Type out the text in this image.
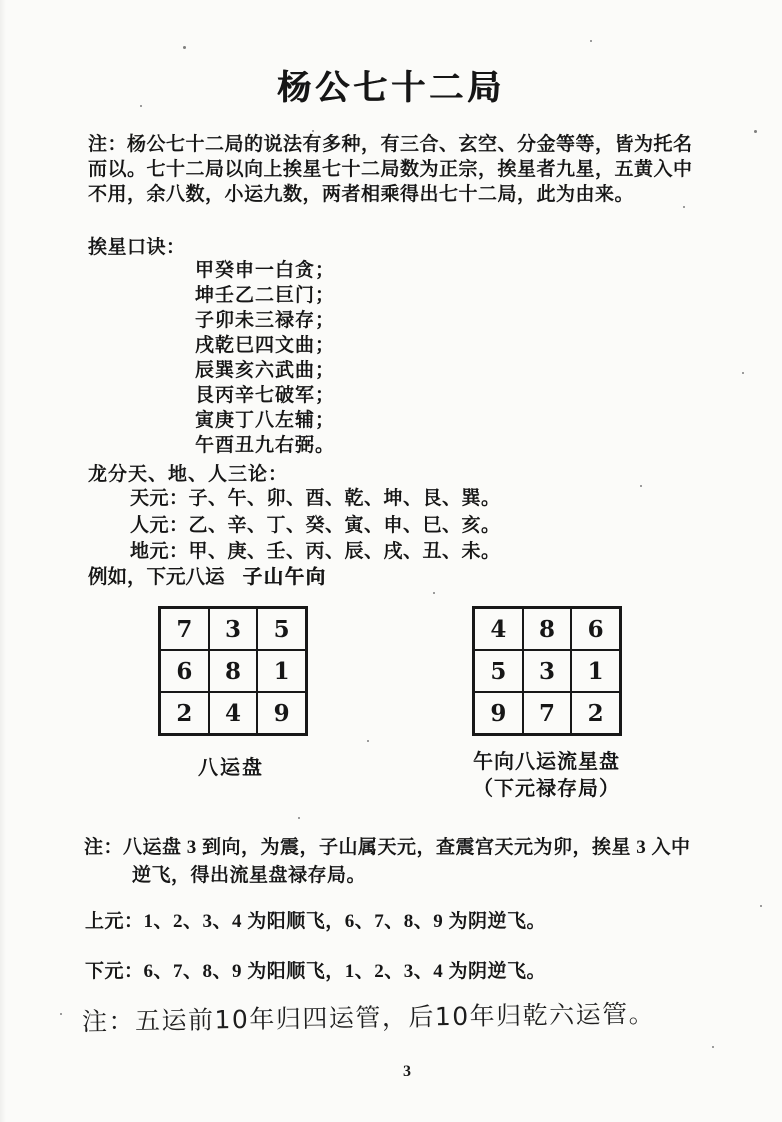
杨公七十二局
注：杨公七十二局的说法有多种，有三合、玄空、分金等等，皆为托名
而以。七十二局以向上挨星七十二局数为正宗，挨星者九星，五黄入中
不用，余八数，小运九数，两者相乘得出七十二局，此为由来。
挨星口诀：
甲癸申一白贪；
坤壬乙二巨门；
子卯未三禄存；
戌乾巳四文曲；
辰巽亥六武曲；
艮丙辛七破军；
寅庚丁八左辅；
午酉丑九右弼。
龙分天、地、人三论：
天元：子、午、卯、酉、乾、坤、艮、巽。
人元：乙、辛、丁、癸、寅、申、巳、亥。
地元：甲、庚、壬、丙、辰、戌、丑、未。
例如，下元八运 子山午向
7	3	5
6	8	1
2	4	9
4	8	6
5	3	1
9	7	2
八运盘	午向八运流星盘
（下元禄存局）
注：八运盘 3 到向，为震，子山属天元，查震宫天元为卯，挨星 3 入中
逆飞，得出流星盘禄存局。
上元：1、2、3、4 为阳顺飞，6、7、8、9 为阴逆飞。
下元：6、7、8、9 为阳顺飞，1、2、3、4 为阴逆飞。
注：五运前10年归四运管，后10年归乾六运管。
3
